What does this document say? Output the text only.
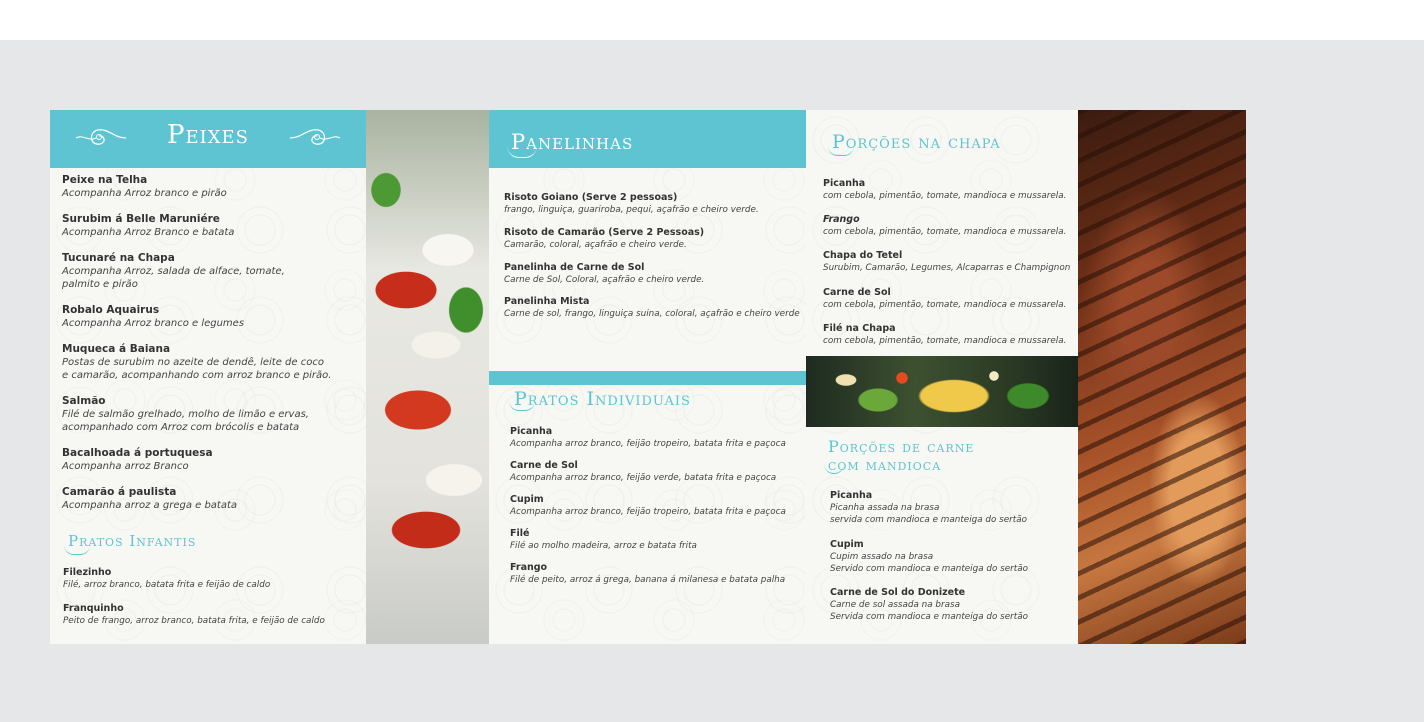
Peixes
Peixe na Telha
Acompanha Arroz branco e pirão
Surubim á Belle Maruniére
Acompanha Arroz Branco e batata
Tucunaré na Chapa
Acompanha Arroz, salada de alface, tomate,
palmito e pirão
Robalo Aquairus
Acompanha Arroz branco e legumes
Muqueca á Baiana
Postas de surubim no azeite de dendê, leite de coco
e camarão, acompanhando com arroz branco e pirão.
Salmão
Filé de salmão grelhado, molho de limão e ervas,
acompanhado com Arroz com brócolis e batata
Bacalhoada á portuquesa
Acompanha arroz Branco
Camarão á paulista
Acompanha arroz a grega e batata
Pratos Infantis
Filezinho
Filé, arroz branco, batata frita e feijão de caldo
Franquinho
Peito de frango, arroz branco, batata frita, e feijão de caldo
Panelinhas
Risoto Goiano (Serve 2 pessoas)
frango, linguiça, guariroba, pequi, açafrão e cheiro verde.
Risoto de Camarão (Serve 2 Pessoas)
Camarão, coloral, açafrão e cheiro verde.
Panelinha de Carne de Sol
Carne de Sol, Coloral, açafrão e cheiro verde.
Panelinha Mista
Carne de sol, frango, linguiça suina, coloral, açafrão e cheiro verde
Pratos Individuais
Picanha
Acompanha arroz branco, feijão tropeiro, batata frita e paçoca
Carne de Sol
Acompanha arroz branco, feijão verde, batata frita e paçoca
Cupim
Acompanha arroz branco, feijão tropeiro, batata frita e paçoca
Filé
Filé ao molho madeira, arroz e batata frita
Frango
Filé de peito, arroz á grega, banana á milanesa e batata palha
Porções na chapa
Picanha
com cebola, pimentão, tomate, mandioca e mussarela.
Frango
com cebola, pimentão, tomate, mandioca e mussarela.
Chapa do Tetel
Surubim, Camarão, Legumes, Alcaparras e Champignon
Carne de Sol
com cebola, pimentão, tomate, mandioca e mussarela.
Filé na Chapa
com cebola, pimentão, tomate, mandioca e mussarela.
Porções de carne
com mandioca
Picanha
Picanha assada na brasa
servida com mandioca e manteiga do sertão
Cupim
Cupim assado na brasa
Servido com mandioca e manteiga do sertão
Carne de Sol do Donizete
Carne de sol assada na brasa
Servida com mandioca e manteiga do sertão
